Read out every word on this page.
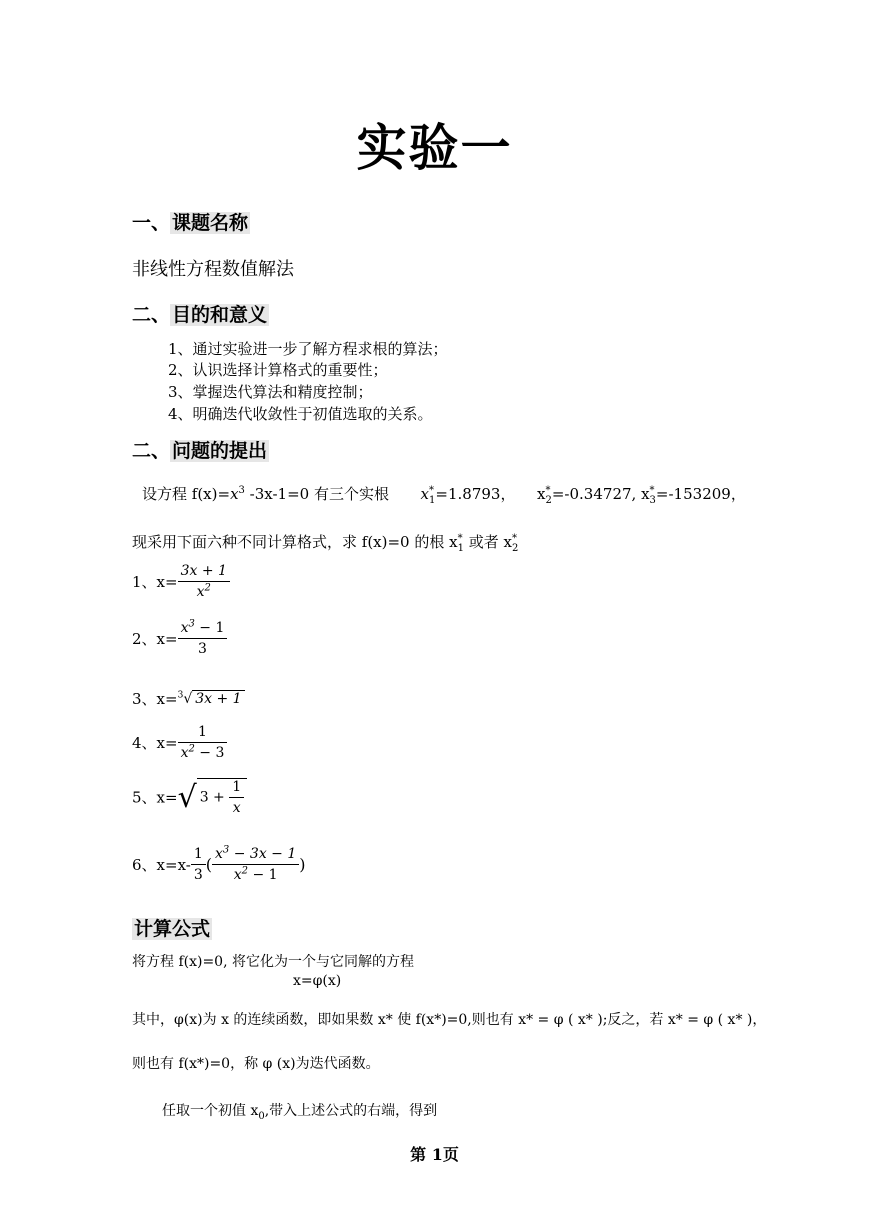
实验一
一、 课题名称
非线性方程数值解法
二、 目的和意义
1、通过实验进一步了解方程求根的算法；
2、认识选择计算格式的重要性；
3、掌握迭代算法和精度控制；
4、明确迭代收敛性于初值选取的关系。
二、 问题的提出
设方程 $f(x)=x^3$ -3x-1=0 有三个实根 $x^*_1=1.8793$， $x^*_2=-0.34727$, $x^*_3=-153209$，
现采用下面六种不同计算格式，求 f(x)=0 的根 $x^*_1$ 或者 $x^*_2$
1、$x= \frac{3x + 1}{x^2}$
2、$x= \frac{x^3 - 1}{3}$
3、x=$^3$√ 3x + 1
4、$x= \frac{1}{x^2 - 3}$
5、x=√ $3 + \frac{1}{x}$
6、$x=x- \frac{1}{3}$ ( $\frac{x^3 - 3x - 1}{x^2 - 1}$ )
计算公式
将方程 f(x)=0, 将它化为一个与它同解的方程
x=φ(x)
其中，φ(x)为 x 的连续函数，即如果数 x* 使 f(x*)=0,则也有 x* = φ ( x* );反之，若 x* = φ ( x* )，
则也有 f(x*)=0，称 φ (x)为迭代函数。
任取一个初值 $x_0$,带入上述公式的右端，得到
第 1页
